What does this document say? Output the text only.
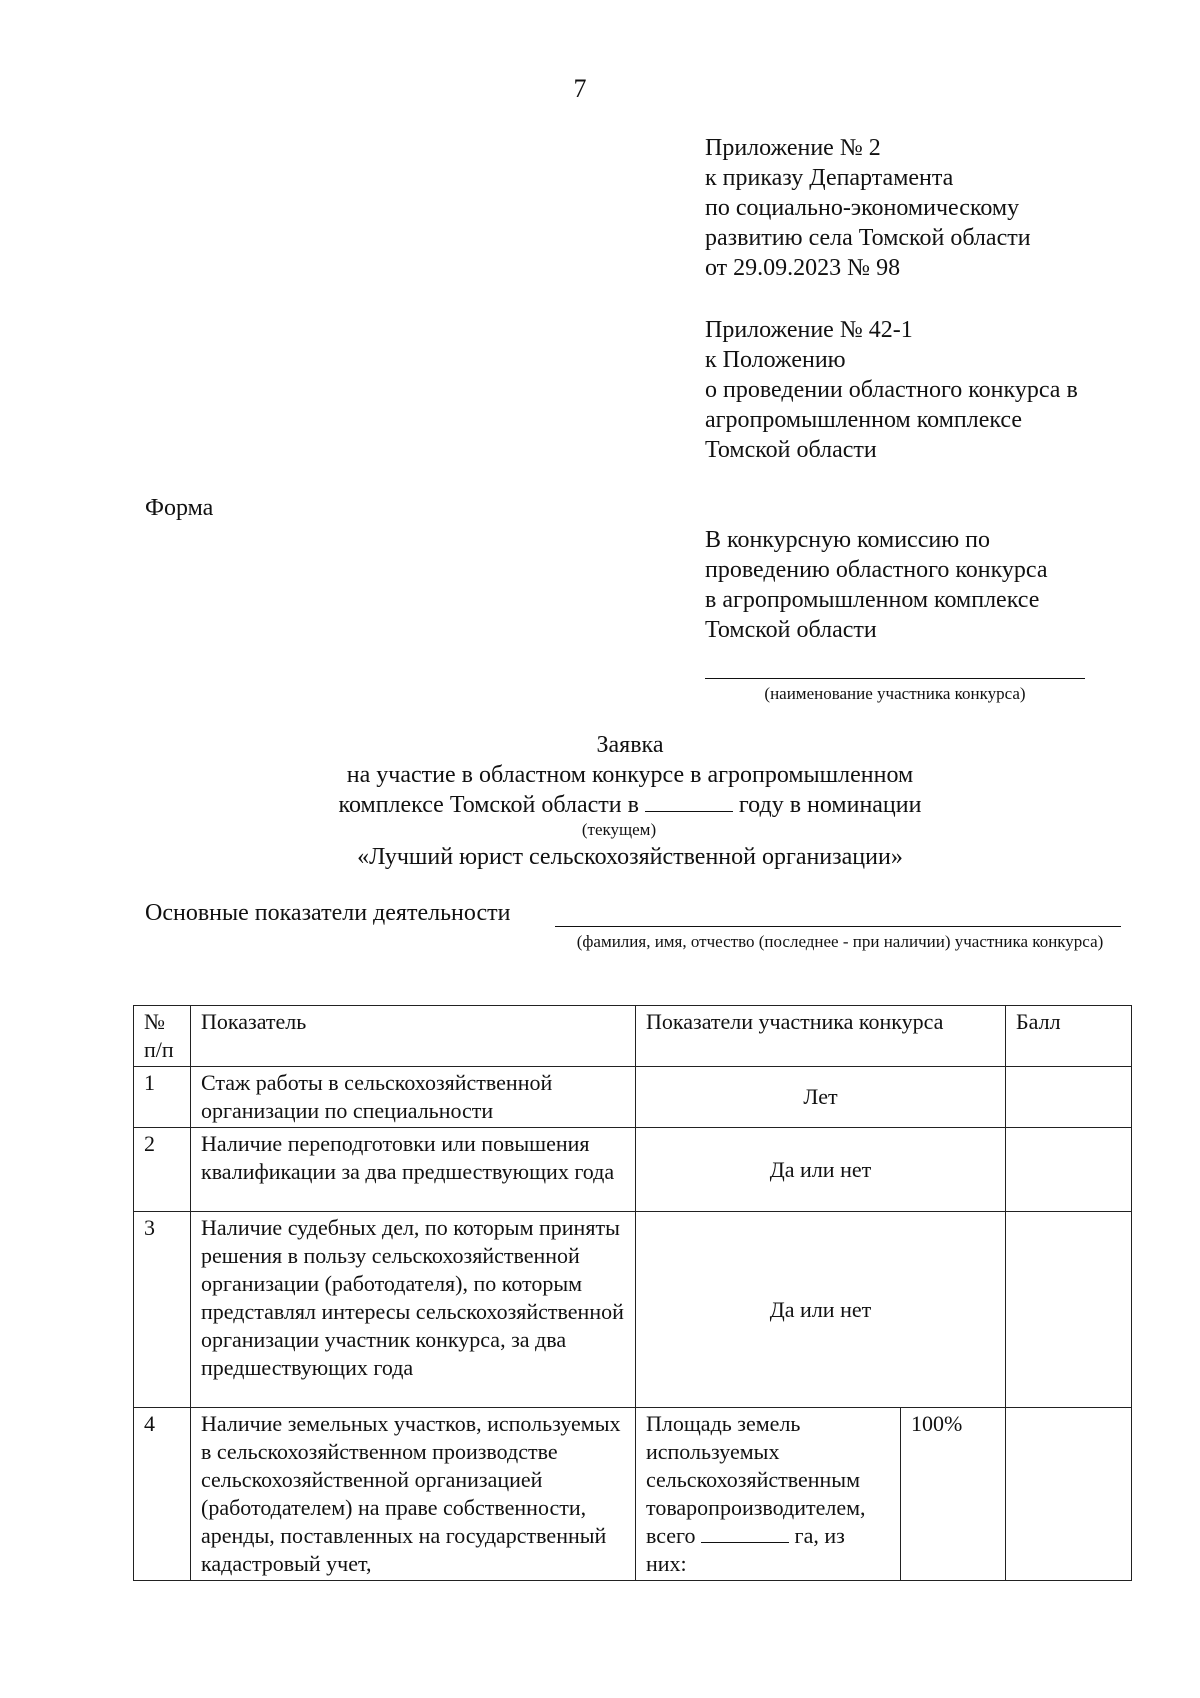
7
Приложение № 2
к приказу Департамента
по социально-экономическому
развитию села Томской области
от 29.09.2023 № 98
Приложение № 42-1
к Положению
о проведении областного конкурса в
агропромышленном комплексе
Томской области
Форма
В конкурсную комиссию по
проведению областного конкурса
в агропромышленном комплексе
Томской области
(наименование участника конкурса)
Заявка
на участие в областном конкурсе в агропромышленном
комплексе Томской области в	году в номинации
(текущем)
«Лучший юрист сельскохозяйственной организации»
Основные показатели деятельности
(фамилия, имя, отчество (последнее - при наличии) участника конкурса)
№ п/п	Показатель	Показатели участника конкурса		Балл
1	Стаж работы в сельскохозяйственной организации по специальности	Лет		
2	Наличие переподготовки или повышения квалификации за два предшествующих года	Да или нет		
3	Наличие судебных дел, по которым приняты решения в пользу сельскохозяйственной организации (работодателя), по которым представлял интересы сельскохозяйственной организации участник конкурса, за два предшествующих года	Да или нет		
4	Наличие земельных участков, используемых в сельскохозяйственном производстве сельскохозяйственной организацией (работодателем) на праве собственности, аренды, поставленных на государственный кадастровый учет,	Площадь земель используемых сельскохозяйственным товаропроизводителем, всего га, из них:	100%	
